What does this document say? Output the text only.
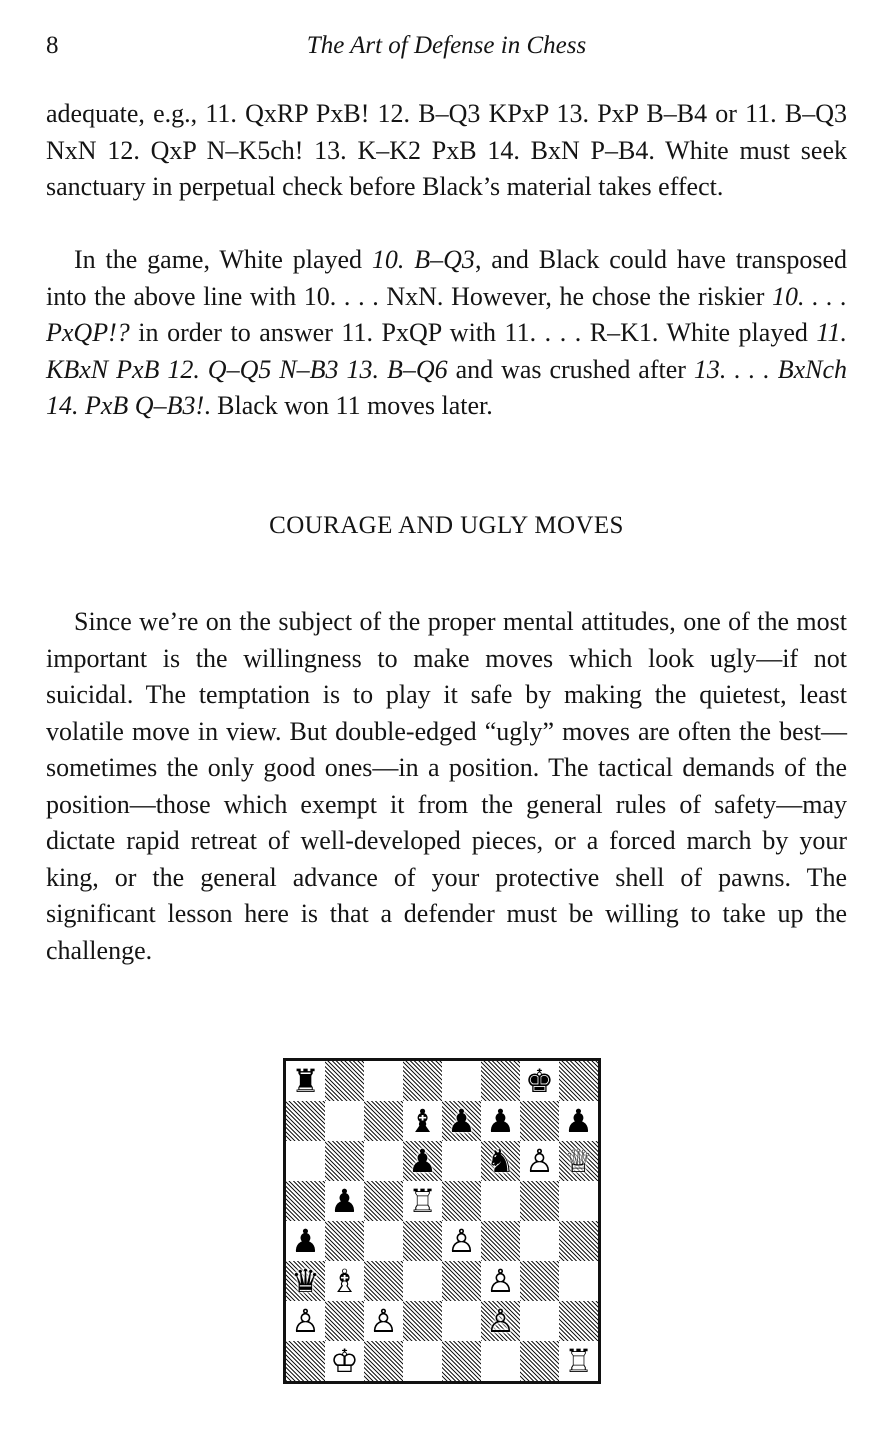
8	The Art of Defense in Chess

adequate, e.g., 11. QxRP PxB! 12. B–Q3 KPxP 13. PxP B–B4 or 11. B–Q3 NxN 12. QxP N–K5ch! 13. K–K2 PxB 14. BxN P–B4. White must seek sanctuary in perpetual check before Black’s material takes effect.

In the game, White played 10. B–Q3, and Black could have transposed into the above line with 10. . . . NxN. However, he chose the riskier 10. . . . PxQP!? in order to answer 11. PxQP with 11. . . . R–K1. White played 11. KBxN PxB 12. Q–Q5 N–B3 13. B–Q6 and was crushed after 13. . . . BxNch 14. PxB Q–B3!. Black won 11 moves later.

COURAGE AND UGLY MOVES

Since we’re on the subject of the proper mental attitudes, one of the most important is the willingness to make moves which look ugly—if not suicidal. The temptation is to play it safe by making the quietest, least volatile move in view. But double-edged “ugly” moves are often the best—sometimes the only good ones—in a position. The tactical demands of the position—those which exempt it from the general rules of safety—may dictate rapid retreat of well-developed pieces, or a forced march by your king, or the general advance of your protective shell of pawns. The significant lesson here is that a defender must be willing to take up the challenge.

♜	♚
♝ ♟ ♟ ♟
♟ ♞ ♙ ♕
♟ ♖
♟	♙
♛ ♗	♙
♙ ♙	♙
♔	♖
